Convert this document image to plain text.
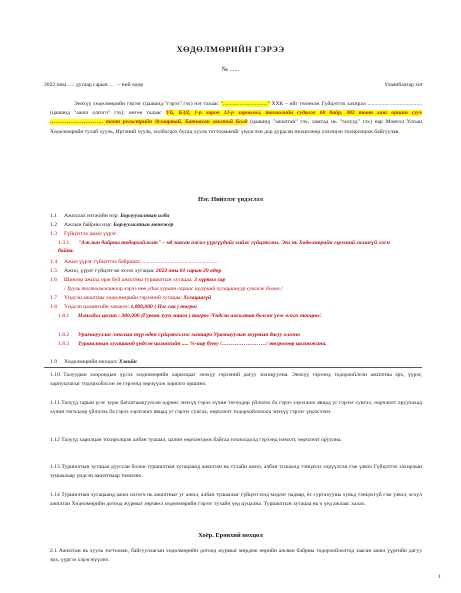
ХӨДӨЛМӨРИЙН ГЭРЭЭ
№ ......
2022 оны …. дугаар сарын …. – ний өдөр	Улаанбаатар хот
Энэхүү хөдөлмөрийн гэрээг (цаашид "гэрээ" гэх) нэг талаас "................................" ХХК – ийг төлөөлж Гүйцэтгэх захирал .......................................(цаашид "ажил олгогч" гэх), нөгөө талаас УБ, БЗД, 1-р хороо 12-р хороолол, тохиолийн судалж 60 байр, 302 тоот хаяг оршин суух ……………………….. тоот регистрийн дугаартай, Батнасан овогтой Болд (цаашид "ажилтан" гэх, хамтад нь "талууд" гэх) нар Монгол Улсын Хөдөлмөрийн тухай хууль, Иргэний хууль, холбогдох бусад хууль тогтоомжийг үндэслэн дор дурдсан нөхцөлөөр хэлэлцэн тохиролцож байгуулав.
Нэг. Нийтлэг үндэслэл
1.1 Ажиллах нэгжийн нэр: Борлуулалтын алба
1.2 Ажлын байрны нэр: Борлуулалтын менежер
1.3 Гүйцэтгэх ажил үүрэг:
1.3.1 "Ажлын байрны тодорхойлолт" – нд заасан ажил үүргүүдийг хийж гүйцэтгэнэ. Энэ нь Хөдөлмөрийн гэрээний салшгүй хэсэг байна.
1.4 Ажил үүрэг гүйцэтгэх байршил: ......................................................
1.5 Ажил, үүрэг гүйцэтгэж эхлэх хугацаа: 2022 оны 01 сарын 29 өдөр
1.6 Шинээр ажилд орж буй ажилтны туршилтын хугацаа: 3 хүртэл сар
/ Хууль тогтоомжиноор хэрээ нөө удаа хураан сараас шууринй хугацаануур сунгаж болно./
1.7 Үндсэн ажилтны хөдөлмөрийн гэрээний хугацаа: Хугацаагүй
1.8 Үндсэн цалингийн хэмжээ: 1,000,000 ( Нэг сая ) төгрөг
1.8.1 Нэмэгдэл цалин : 300,000 (Гурван зуун мянга ) төгрөг /Үндсэн ажилтан болсон үеэс олгох тооцно/.
1.8.2 Урамшууллаг /онолын түр өдөн гүйцэтгэлээс хамаарч Урамшуулын журмын дагуу олгоно
1.8.3 Туршилтын хугацаанд үндсэн цалингийн ..... %-иар буюу /……………………/ төгрөгөөр цалинжина.
1.9 Хөдөлмөрийн нөхцөл: Хэвийн
1.10 Талуудын хоорондын үүсэх хөдөлмөрийн харилцааг энэхүү гэрээний дагуу зохицуулна. Энэхүү гэрээнд тодорхойлсон ажилтны эрх, үүрэг, хариуцлагыг тодорхойлсон эн гэрээнд зөрчүүлж зорилго оршино.
1.11 Талууд гарын үсэг зурж баталгаажуулсан өдрөөс энэхүү гэрээ хүчин төгөлдөр үйлчлэх ба гэрээ хэрэгжих явцад уг гэрээг сунгах, өөрчлөлт оруулахад хүчин төгөлдөр үйлчлэх ба гэрээ хэрэгжих явцад уг гэрээг сунгах, өөрчлөлт тодорхойлохоод энэхүү гэрээг үндэслэнэ.
1.12 Талууд харилцан тохиролцож албан тушаал, цалин өөрчлөгдөж байгаа тохиолдолд гэрээнд нэмэлт, өөрчлөлт оруулна.
1.13 Туршилтын хугацаа дууссан болон туршилтын хугацаанд ажилтан нь тухайн ажил, албан тушаалд тэнцэхээ хэрүүлсэн гэж үзвэл Гүйцэтгэх захирлын тушаалаар үндсэн ажилтнаар томилно.
1.14 Туршилтын хугацаанд ажил олгогч нь ажилтныг уг ажил, албан тушаалыг гүйцэтгэхэд мэдлэг чадвар, ёс суртахууны хувьд тэнцэхгүй гэж үзвэл, эсхүл ажилтан Хөдөлмөрийн дотоод журмыг зөрчвөл хөдөлмөрийн гэрээг тухайн үед цуцална. Туршилтын хугацаа нь ч үед ажлаас халах.
Хоёр. Ерөнхий нөхцөл
2.1 Ажилтан нь хууль тогтоомж, байгууллагын хөдөлмөрийн дотоод журмыг мөрдөж өөрийн ажлын байрны тодорхойлолтод заасан ажил үүргийн дагуу эрх, үүргээ хэрэгжүүлнэ.
1
